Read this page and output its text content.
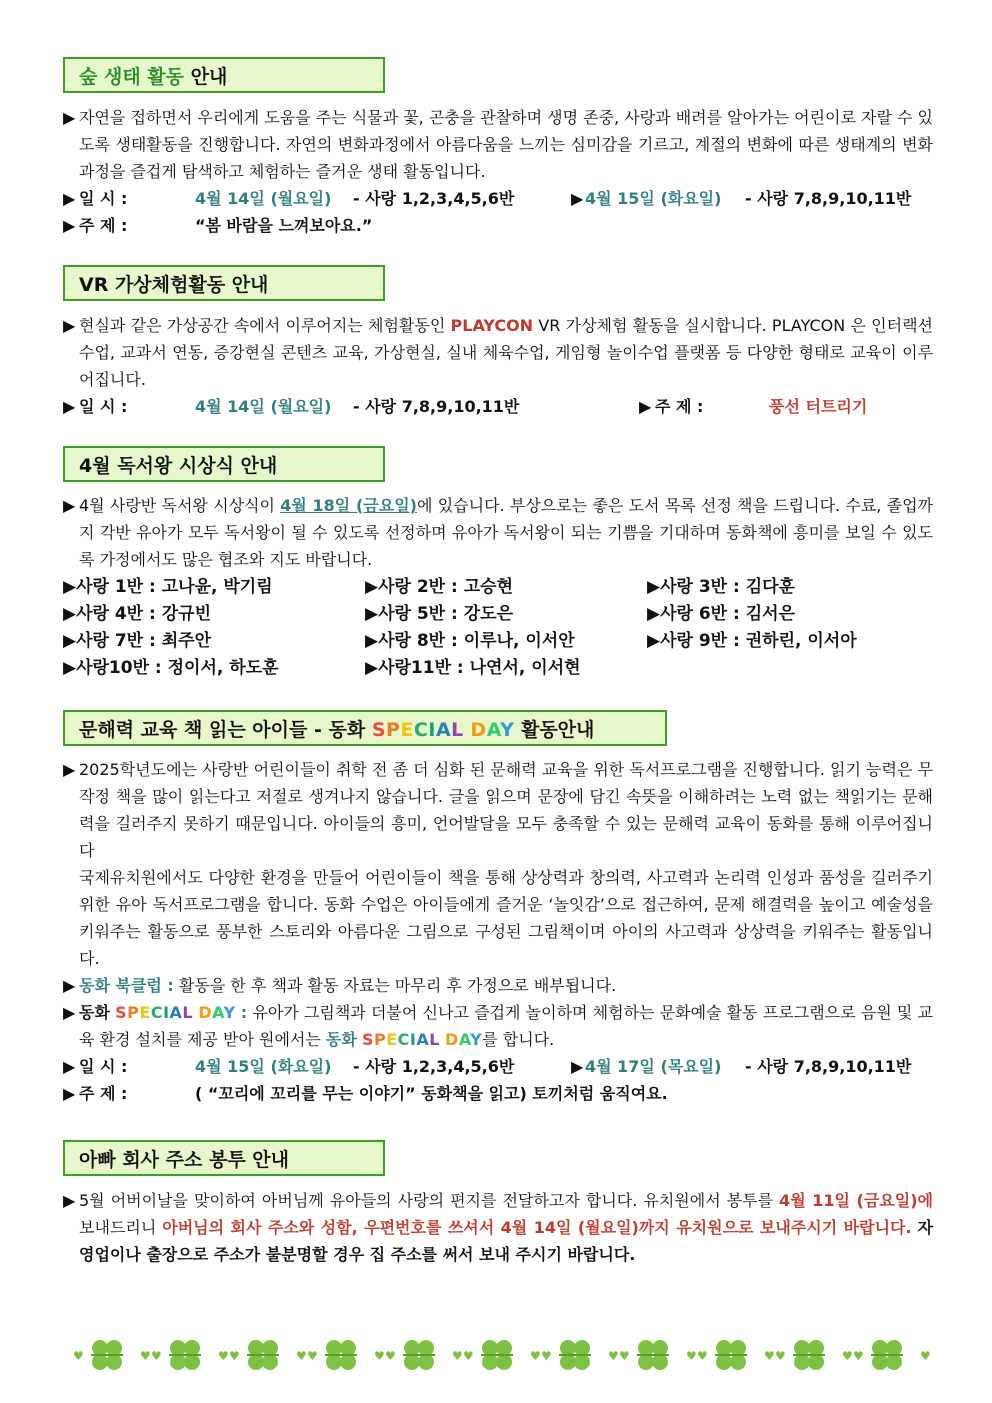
숲 생태 활동 안내
▶ 자연을 접하면서 우리에게 도움을 주는 식물과 꽃, 곤충을 관찰하며 생명 존중, 사랑과 배려를 알아가는 어린이로 자랄 수 있도록 생태활동을 진행합니다. 자연의 변화과정에서 아름다움을 느끼는 심미감을 기르고, 계절의 변화에 따른 생태계의 변화과정을 즐겁게 탐색하고 체험하는 즐거운 생태 활동입니다.
▶ 일 시 :	4월 14일 (월요일) - 사랑 1,2,3,4,5,6반	▶ 4월 15일 (화요일) - 사랑 7,8,9,10,11반
▶ 주 제 :	“봄 바람을 느껴보아요.”
VR 가상체험활동 안내
▶ 현실과 같은 가상공간 속에서 이루어지는 체험활동인 PLAYCON VR 가상체험 활동을 실시합니다. PLAYCON 은 인터랙션수업, 교과서 연동, 증강현실 콘텐츠 교육, 가상현실, 실내 체육수업, 게임형 놀이수업 플랫폼 등 다양한 형태로 교육이 이루어집니다.
▶ 일 시 :	4월 14일 (월요일) - 사랑 7,8,9,10,11반	▶ 주 제 :	풍선 터트리기
4월 독서왕 시상식 안내
▶ 4월 사랑반 독서왕 시상식이 4월 18일 (금요일)에 있습니다. 부상으로는 좋은 도서 목록 선정 책을 드립니다. 수료, 졸업까지 각반 유아가 모두 독서왕이 될 수 있도록 선정하며 유아가 독서왕이 되는 기쁨을 기대하며 동화책에 흥미를 보일 수 있도록 가정에서도 많은 협조와 지도 바랍니다.
▶사랑 1반 : 고나윤, 박기림	▶사랑 2반 : 고승현	▶사랑 3반 : 김다훈
▶사랑 4반 : 강규빈	▶사랑 5반 : 강도은	▶사랑 6반 : 김서은
▶사랑 7반 : 최주안	▶사랑 8반 : 이루나, 이서안	▶사랑 9반 : 권하린, 이서아
▶사랑10반 : 정이서, 하도훈	▶사랑11반 : 나연서, 이서현
문해력 교육 책 읽는 아이들 - 동화 SPECIAL DAY 활동안내
▶ 2025학년도에는 사랑반 어린이들이 취학 전 좀 더 심화 된 문해력 교육을 위한 독서프로그램을 진행합니다. 읽기 능력은 무작정 책을 많이 읽는다고 저절로 생겨나지 않습니다. 글을 읽으며 문장에 담긴 속뜻을 이해하려는 노력 없는 책읽기는 문해력을 길러주지 못하기 때문입니다. 아이들의 흥미, 언어발달을 모두 충족할 수 있는 문해력 교육이 동화를 통해 이루어집니다
국제유치원에서도 다양한 환경을 만들어 어린이들이 책을 통해 상상력과 창의력, 사고력과 논리력 인성과 품성을 길러주기 위한 유아 독서프로그램을 합니다. 동화 수업은 아이들에게 즐거운 ‘놀잇감’으로 접근하여, 문제 해결력을 높이고 예술성을 키워주는 활동으로 풍부한 스토리와 아름다운 그림으로 구성된 그림책이며 아이의 사고력과 상상력을 키워주는 활동입니다.
▶ 동화 북클럽 : 활동을 한 후 책과 활동 자료는 마무리 후 가정으로 배부됩니다.
▶ 동화 SPECIAL DAY : 유아가 그림책과 더불어 신나고 즐겁게 놀이하며 체험하는 문화예술 활동 프로그램으로 음원 및 교육 환경 설치를 제공 받아 원에서는 동화 SPECIAL DAY를 합니다.
▶ 일 시 :	4월 15일 (화요일) - 사랑 1,2,3,4,5,6반	▶ 4월 17일 (목요일) - 사랑 7,8,9,10,11반
▶ 주 제 :	( “꼬리에 꼬리를 무는 이야기” 동화책을 읽고) 토끼처럼 움직여요.
아빠 회사 주소 봉투 안내
▶ 5월 어버이날을 맞이하여 아버님께 유아들의 사랑의 편지를 전달하고자 합니다. 유치원에서 봉투를 4월 11일 (금요일)에 보내드리니 아버님의 회사 주소와 성함, 우편번호를 쓰셔서 4월 14일 (월요일)까지 유치원으로 보내주시기 바랍니다. 자영업이나 출장으로 주소가 불분명할 경우 집 주소를 써서 보내 주시기 바랍니다.
♥
♥	♥
♥	♥
♥	♥
♥	♥
♥	♥
♥	♥
♥	♥
♥	♥
♥	♥
♥	♥
♥
